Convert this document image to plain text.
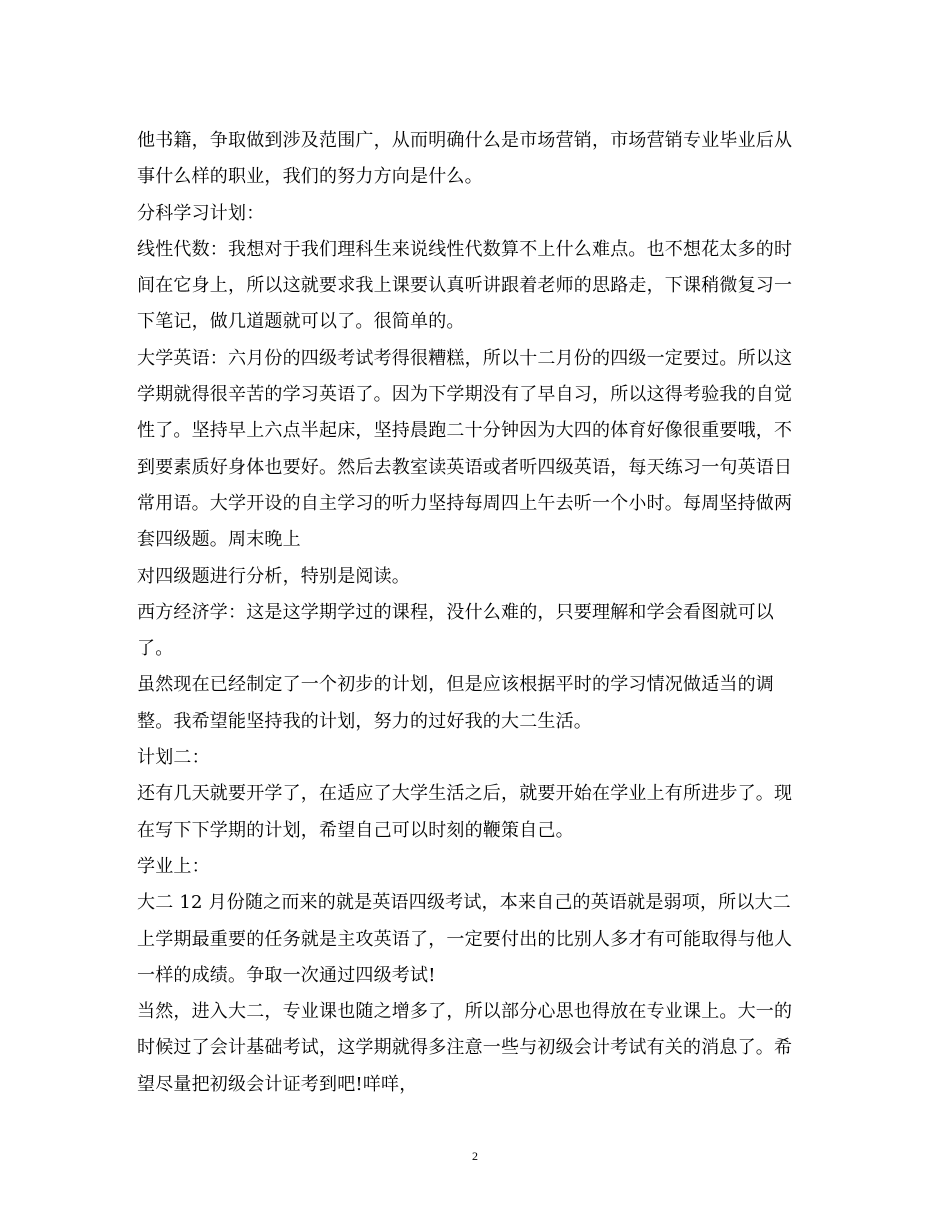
他书籍，争取做到涉及范围广，从而明确什么是市场营销，市场营销专业毕业后从
事什么样的职业，我们的努力方向是什么。
分科学习计划：
线性代数：我想对于我们理科生来说线性代数算不上什么难点。也不想花太多的时
间在它身上，所以这就要求我上课要认真听讲跟着老师的思路走，下课稍微复习一
下笔记，做几道题就可以了。很简单的。
大学英语：六月份的四级考试考得很糟糕，所以十二月份的四级一定要过。所以这
学期就得很辛苦的学习英语了。因为下学期没有了早自习，所以这得考验我的自觉
性了。坚持早上六点半起床，坚持晨跑二十分钟因为大四的体育好像很重要哦，不
到要素质好身体也要好。然后去教室读英语或者听四级英语，每天练习一句英语日
常用语。大学开设的自主学习的听力坚持每周四上午去听一个小时。每周坚持做两
套四级题。周末晚上
对四级题进行分析，特别是阅读。
西方经济学：这是这学期学过的课程，没什么难的，只要理解和学会看图就可以
了。
虽然现在已经制定了一个初步的计划，但是应该根据平时的学习情况做适当的调
整。我希望能坚持我的计划，努力的过好我的大二生活。
计划二：
还有几天就要开学了，在适应了大学生活之后，就要开始在学业上有所进步了。现
在写下下学期的计划，希望自己可以时刻的鞭策自己。
学业上：
大二 12 月份随之而来的就是英语四级考试，本来自己的英语就是弱项，所以大二
上学期最重要的任务就是主攻英语了，一定要付出的比别人多才有可能取得与他人
一样的成绩。争取一次通过四级考试!
当然，进入大二，专业课也随之增多了，所以部分心思也得放在专业课上。大一的
时候过了会计基础考试，这学期就得多注意一些与初级会计考试有关的消息了。希
望尽量把初级会计证考到吧!咩咩，
2
